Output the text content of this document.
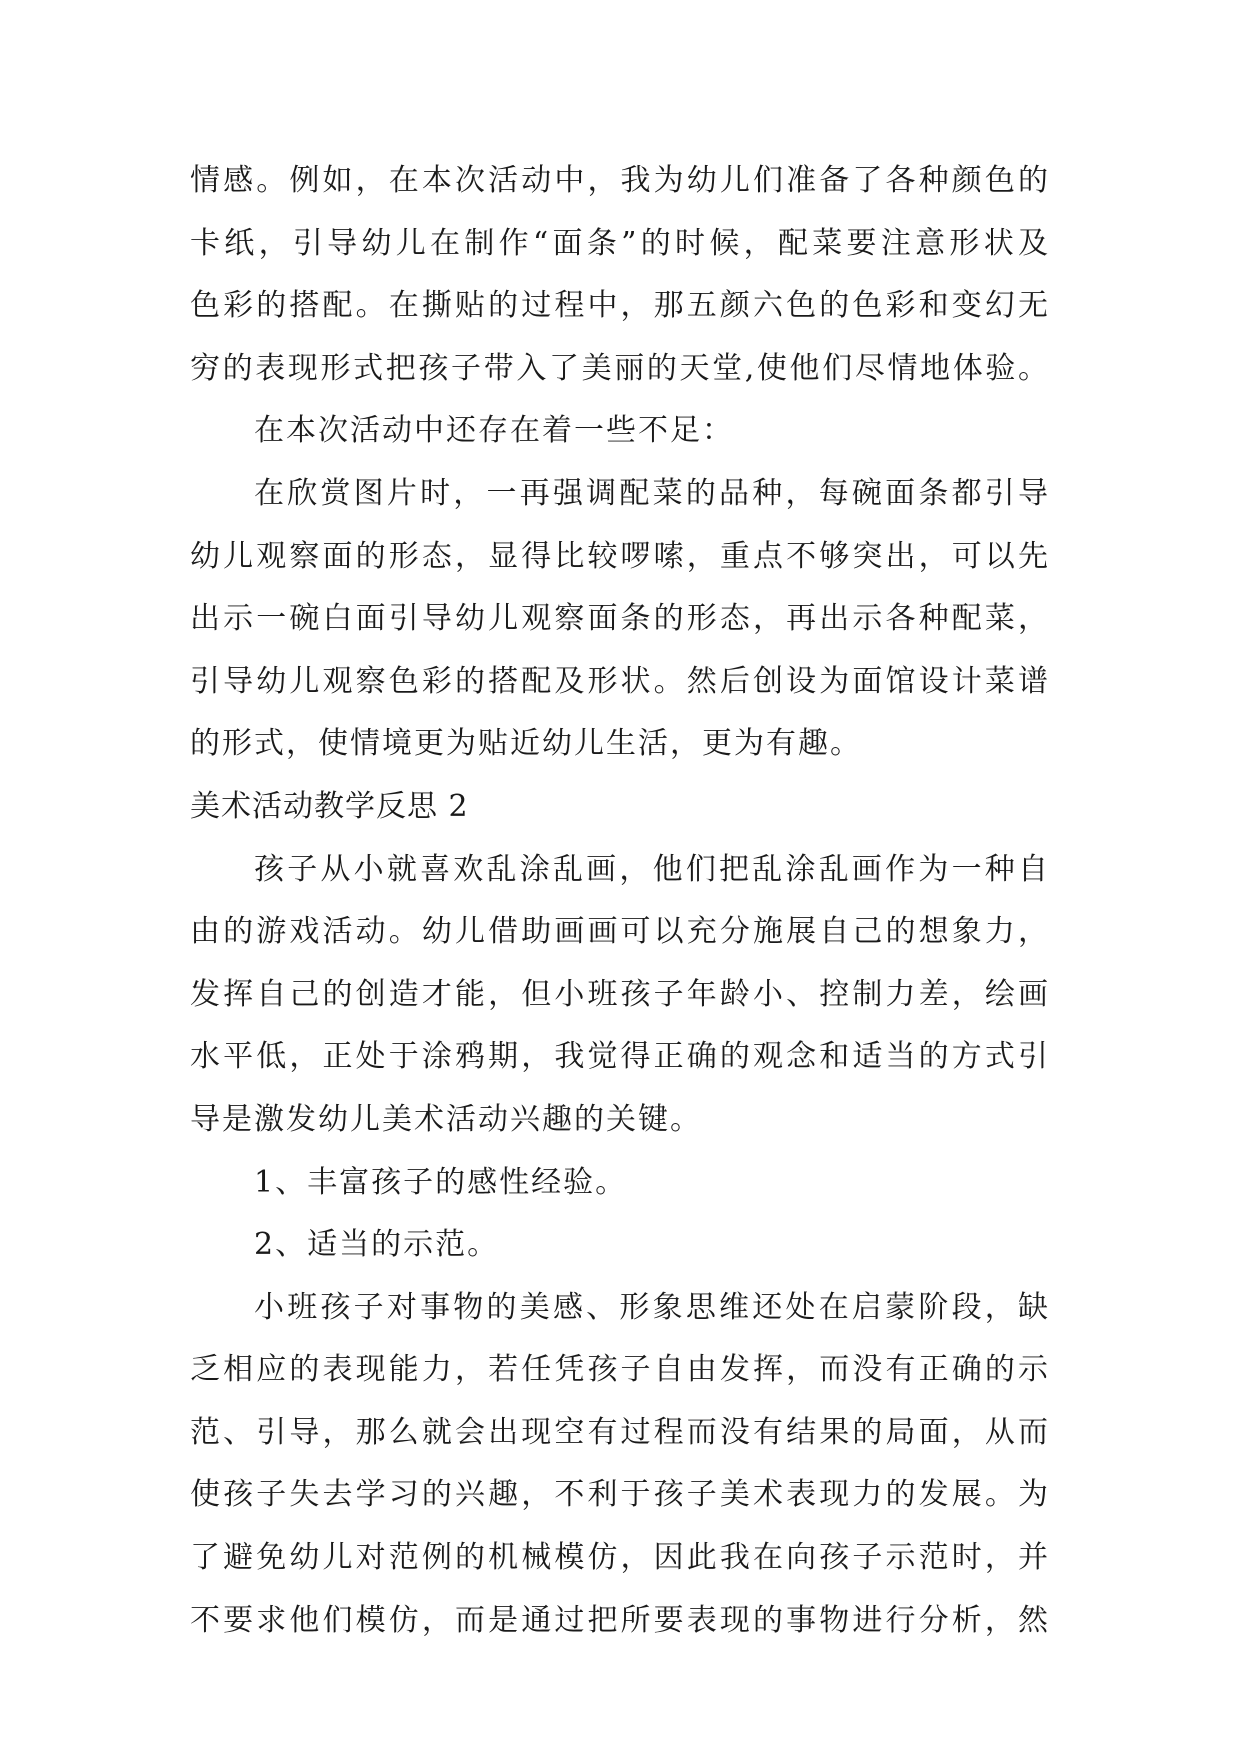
情感。例如，在本次活动中，我为幼儿们准备了各种颜色的
卡纸，引导幼儿在制作“面条”的时候，配菜要注意形状及
色彩的搭配。在撕贴的过程中，那五颜六色的色彩和变幻无
穷的表现形式把孩子带入了美丽的天堂,使他们尽情地体验。
在本次活动中还存在着一些不足：
在欣赏图片时，一再强调配菜的品种，每碗面条都引导
幼儿观察面的形态，显得比较啰嗦，重点不够突出，可以先
出示一碗白面引导幼儿观察面条的形态，再出示各种配菜，
引导幼儿观察色彩的搭配及形状。然后创设为面馆设计菜谱
的形式，使情境更为贴近幼儿生活，更为有趣。
美术活动教学反思 2
孩子从小就喜欢乱涂乱画，他们把乱涂乱画作为一种自
由的游戏活动。幼儿借助画画可以充分施展自己的想象力，
发挥自己的创造才能，但小班孩子年龄小、控制力差，绘画
水平低，正处于涂鸦期，我觉得正确的观念和适当的方式引
导是激发幼儿美术活动兴趣的关键。
1、丰富孩子的感性经验。
2、适当的示范。
小班孩子对事物的美感、形象思维还处在启蒙阶段，缺
乏相应的表现能力，若任凭孩子自由发挥，而没有正确的示
范、引导，那么就会出现空有过程而没有结果的局面，从而
使孩子失去学习的兴趣，不利于孩子美术表现力的发展。为
了避免幼儿对范例的机械模仿，因此我在向孩子示范时，并
不要求他们模仿，而是通过把所要表现的事物进行分析，然
